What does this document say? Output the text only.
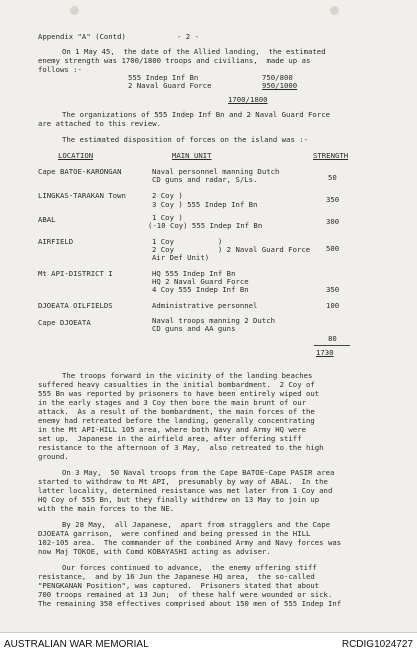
Appendix "A" (Contd)	- 2 -
On 1 May 45,  the date of the Allied landing,  the estimated
enemy strength was 1700/1800 troops and civilians,  made up as
follows :-
555 Indep Inf Bn	750/800
2 Naval Guard Force	950/1000
1700/1800
The organizations of 555 Indep Inf Bn and 2 Naval Guard Force
are attached to this review.
The estimated disposition of forces on the island was :-
LOCATION	MAIN UNIT	STRENGTH
Cape BATOE-KARONGAN	Naval personnel manning Dutch
CD guns and radar, S/Ls.	50
LINGKAS-TARAKAN Town	2 Coy )
3 Coy ) 555 Indep Inf Bn
350
ABAL	1 Coy )
(-10 Coy) 555 Indep Inf Bn	300
AIRFIELD	1 Coy          )
2 Coy          ) 2 Naval Guard Force
Air Def Unit)
500
Mt API-DISTRICT I	HQ 555 Indep Inf Bn
HQ 2 Naval Guard Force
4 Coy 555 Indep Inf Bn	350
DJOEATA OILFIELDS	Administrative personnel	100
Cape DJOEATA	Naval troops manning 2 Dutch
CD guns and AA guns
80
1730
The troops forward in the vicinity of the landing beaches
suffered heavy casualties in the initial bombardment.  2 Coy of
555 Bn was reported by prisoners to have been entirely wiped out
in the early stages and 3 Coy then bore the main brunt of our
attack.  As a result of the bombardment, the main forces of the
enemy had retreated before the landing, generally concentrating
in the Mt API-HILL 105 area, where both Navy and Army HQ were
set up.  Japanese in the airfield area, after offering stiff
resistance to the afternoon of 3 May,  also retreated to the high
ground.
On 3 May,  50 Naval troops from the Cape BATOE-Cape PASIR area
started to withdraw to Mt API,  presumably by way of ABAL.  In the
latter locality, determined resistance was met later from 1 Coy and
HQ Coy of 555 Bn, but they finally withdrew on 13 May to join up
with the main forces to the NE.
By 28 May,  all Japanese,  apart from stragglers and the Cape
DJOEATA garrison,  were confined and being pressed in the HILL
102-105 area.  The commander of the combined Army and Navy forces was
now Maj TOKOE, with Comd KOBAYASHI acting as adviser.
Our forces continued to advance,  the enemy offering stiff
resistance,  and by 16 Jun the Japanese HQ area,  the so-called
"PENGKANAN Position", was captured.  Prisoners stated that about
700 troops remained at 13 Jun;  of these half were wounded or sick.
The remaining 350 effectives comprised about 150 men of 555 Indep Inf
AUSTRALIAN WAR MEMORIAL	RCDIG1024727
